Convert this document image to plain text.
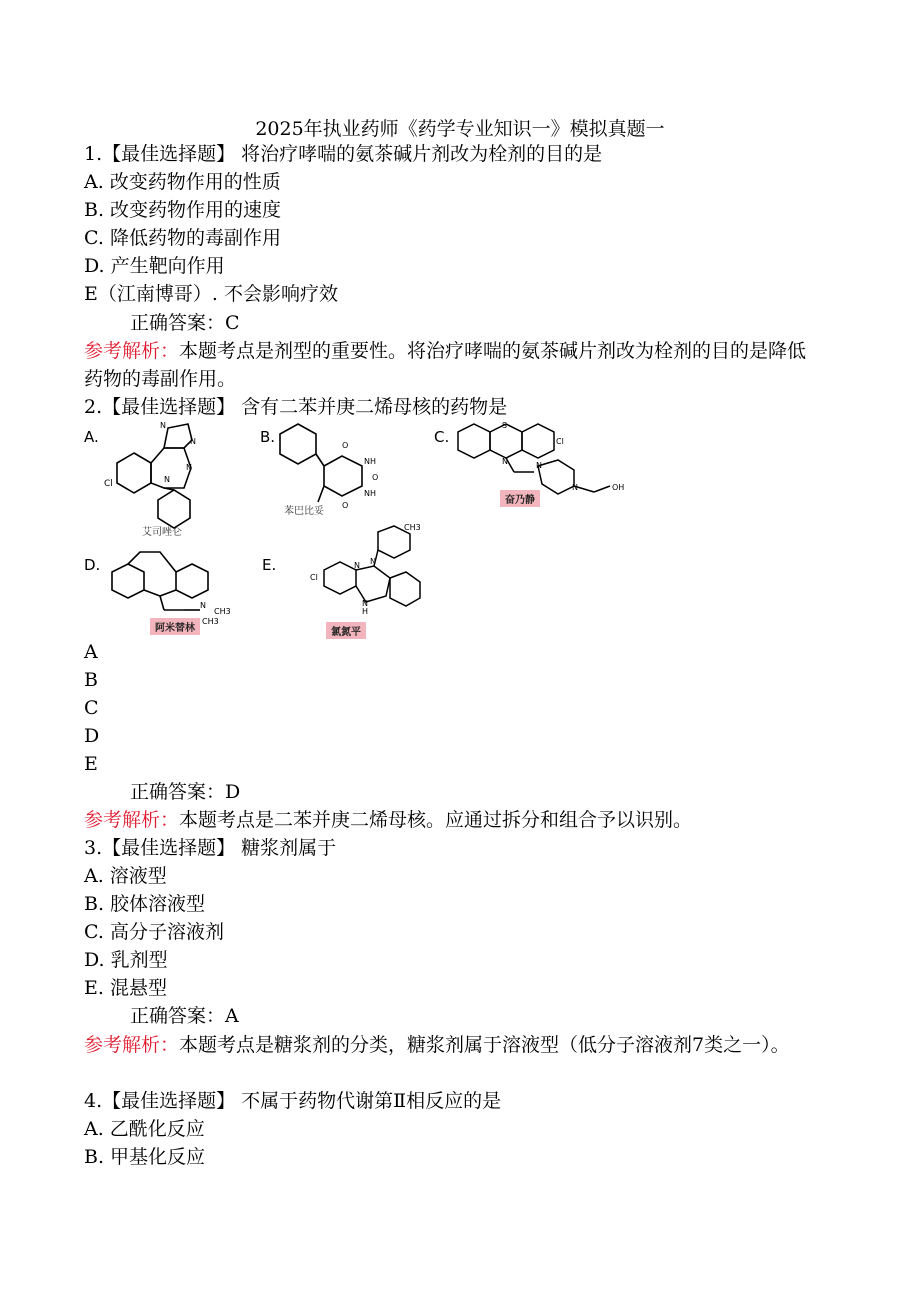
2025年执业药师《药学专业知识一》模拟真题一
1.【最佳选择题】 将治疗哮喘的氨茶碱片剂改为栓剂的目的是
A. 改变药物作用的性质
B. 改变药物作用的速度
C. 降低药物的毒副作用
D. 产生靶向作用
E（江南博哥）. 不会影响疗效
正确答案：C
参考解析：本题考点是剂型的重要性。将治疗哮喘的氨茶碱片剂改为栓剂的目的是降低药物的毒副作用。
2.【最佳选择题】 含有二苯并庚二烯母核的药物是
A.
Cl
N
N
N
N
艾司唑仑
B.	O
NH
O
NH
O
苯巴比妥
C.
S
N
Cl
N
N	OH
奋乃静
D.
N
CH3
CH3
阿米替林
E.
CH3
N
N
Cl
H
N
氯氮平
A
B
C
D
E
正确答案：D
参考解析：本题考点是二苯并庚二烯母核。应通过拆分和组合予以识别。
3.【最佳选择题】 糖浆剂属于
A. 溶液型
B. 胶体溶液型
C. 高分子溶液剂
D. 乳剂型
E. 混悬型
正确答案：A
参考解析：本题考点是糖浆剂的分类，糖浆剂属于溶液型（低分子溶液剂7类之一）。
4.【最佳选择题】 不属于药物代谢第Ⅱ相反应的是
A. 乙酰化反应
B. 甲基化反应
